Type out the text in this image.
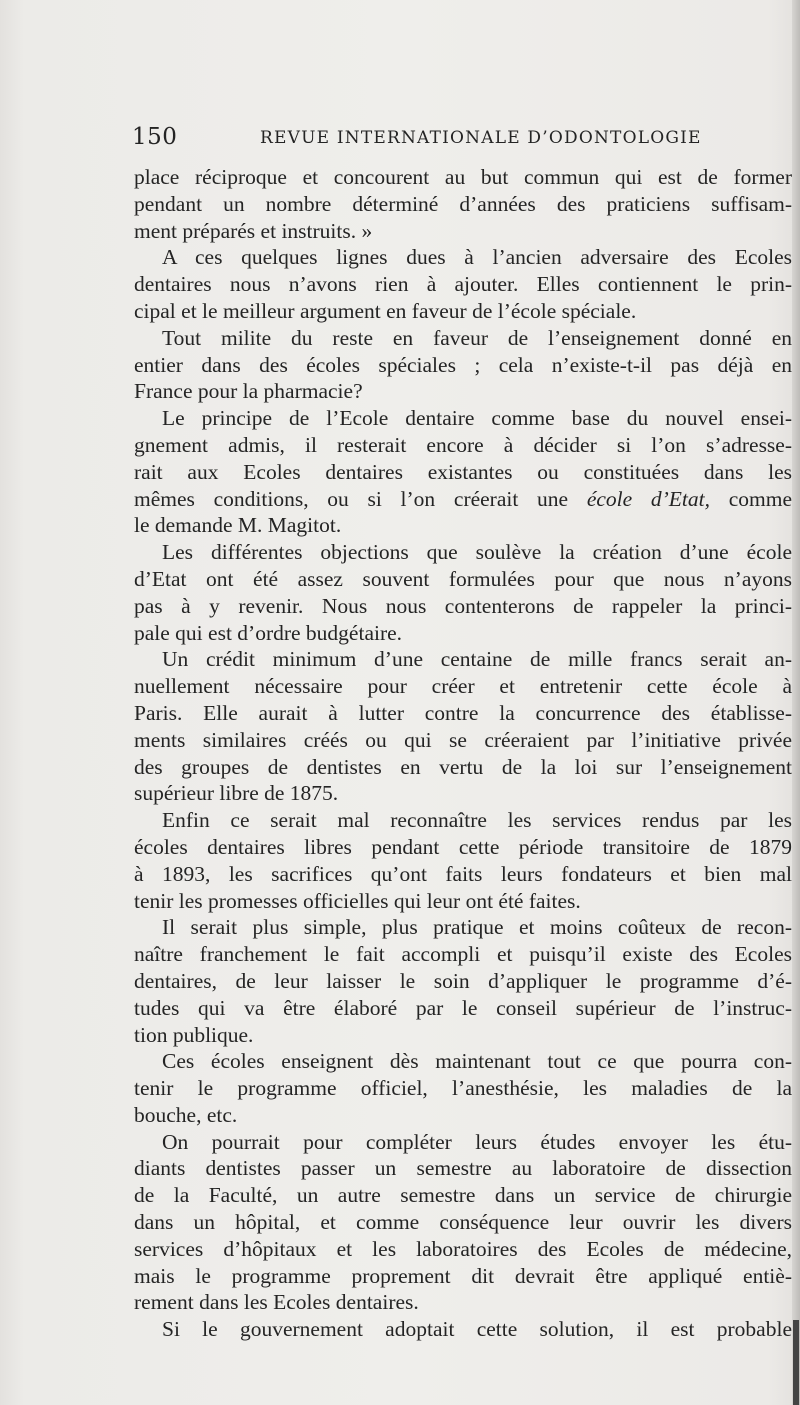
150	REVUE INTERNATIONALE D’ODONTOLOGIE
place réciproque et concourent au but commun qui est de former
pendant un nombre déterminé d’années des praticiens suffisam-
ment préparés et instruits. »
A ces quelques lignes dues à l’ancien adversaire des Ecoles
dentaires nous n’avons rien à ajouter. Elles contiennent le prin-
cipal et le meilleur argument en faveur de l’école spéciale.
Tout milite du reste en faveur de l’enseignement donné en
entier dans des écoles spéciales ; cela n’existe-t-il pas déjà en
France pour la pharmacie?
Le principe de l’Ecole dentaire comme base du nouvel ensei-
gnement admis, il resterait encore à décider si l’on s’adresse-
rait aux Ecoles dentaires existantes ou constituées dans les
mêmes conditions, ou si l’on créerait une école d’Etat, comme
le demande M. Magitot.
Les différentes objections que soulève la création d’une école
d’Etat ont été assez souvent formulées pour que nous n’ayons
pas à y revenir. Nous nous contenterons de rappeler la princi-
pale qui est d’ordre budgétaire.
Un crédit minimum d’une centaine de mille francs serait an-
nuellement nécessaire pour créer et entretenir cette école à
Paris. Elle aurait à lutter contre la concurrence des établisse-
ments similaires créés ou qui se créeraient par l’initiative privée
des groupes de dentistes en vertu de la loi sur l’enseignement
supérieur libre de 1875.
Enfin ce serait mal reconnaître les services rendus par les
écoles dentaires libres pendant cette période transitoire de 1879
à 1893, les sacrifices qu’ont faits leurs fondateurs et bien mal
tenir les promesses officielles qui leur ont été faites.
Il serait plus simple, plus pratique et moins coûteux de recon-
naître franchement le fait accompli et puisqu’il existe des Ecoles
dentaires, de leur laisser le soin d’appliquer le programme d’é-
tudes qui va être élaboré par le conseil supérieur de l’instruc-
tion publique.
Ces écoles enseignent dès maintenant tout ce que pourra con-
tenir le programme officiel, l’anesthésie, les maladies de la
bouche, etc.
On pourrait pour compléter leurs études envoyer les étu-
diants dentistes passer un semestre au laboratoire de dissection
de la Faculté, un autre semestre dans un service de chirurgie
dans un hôpital, et comme conséquence leur ouvrir les divers
services d’hôpitaux et les laboratoires des Ecoles de médecine,
mais le programme proprement dit devrait être appliqué entiè-
rement dans les Ecoles dentaires.
Si le gouvernement adoptait cette solution, il est probable
